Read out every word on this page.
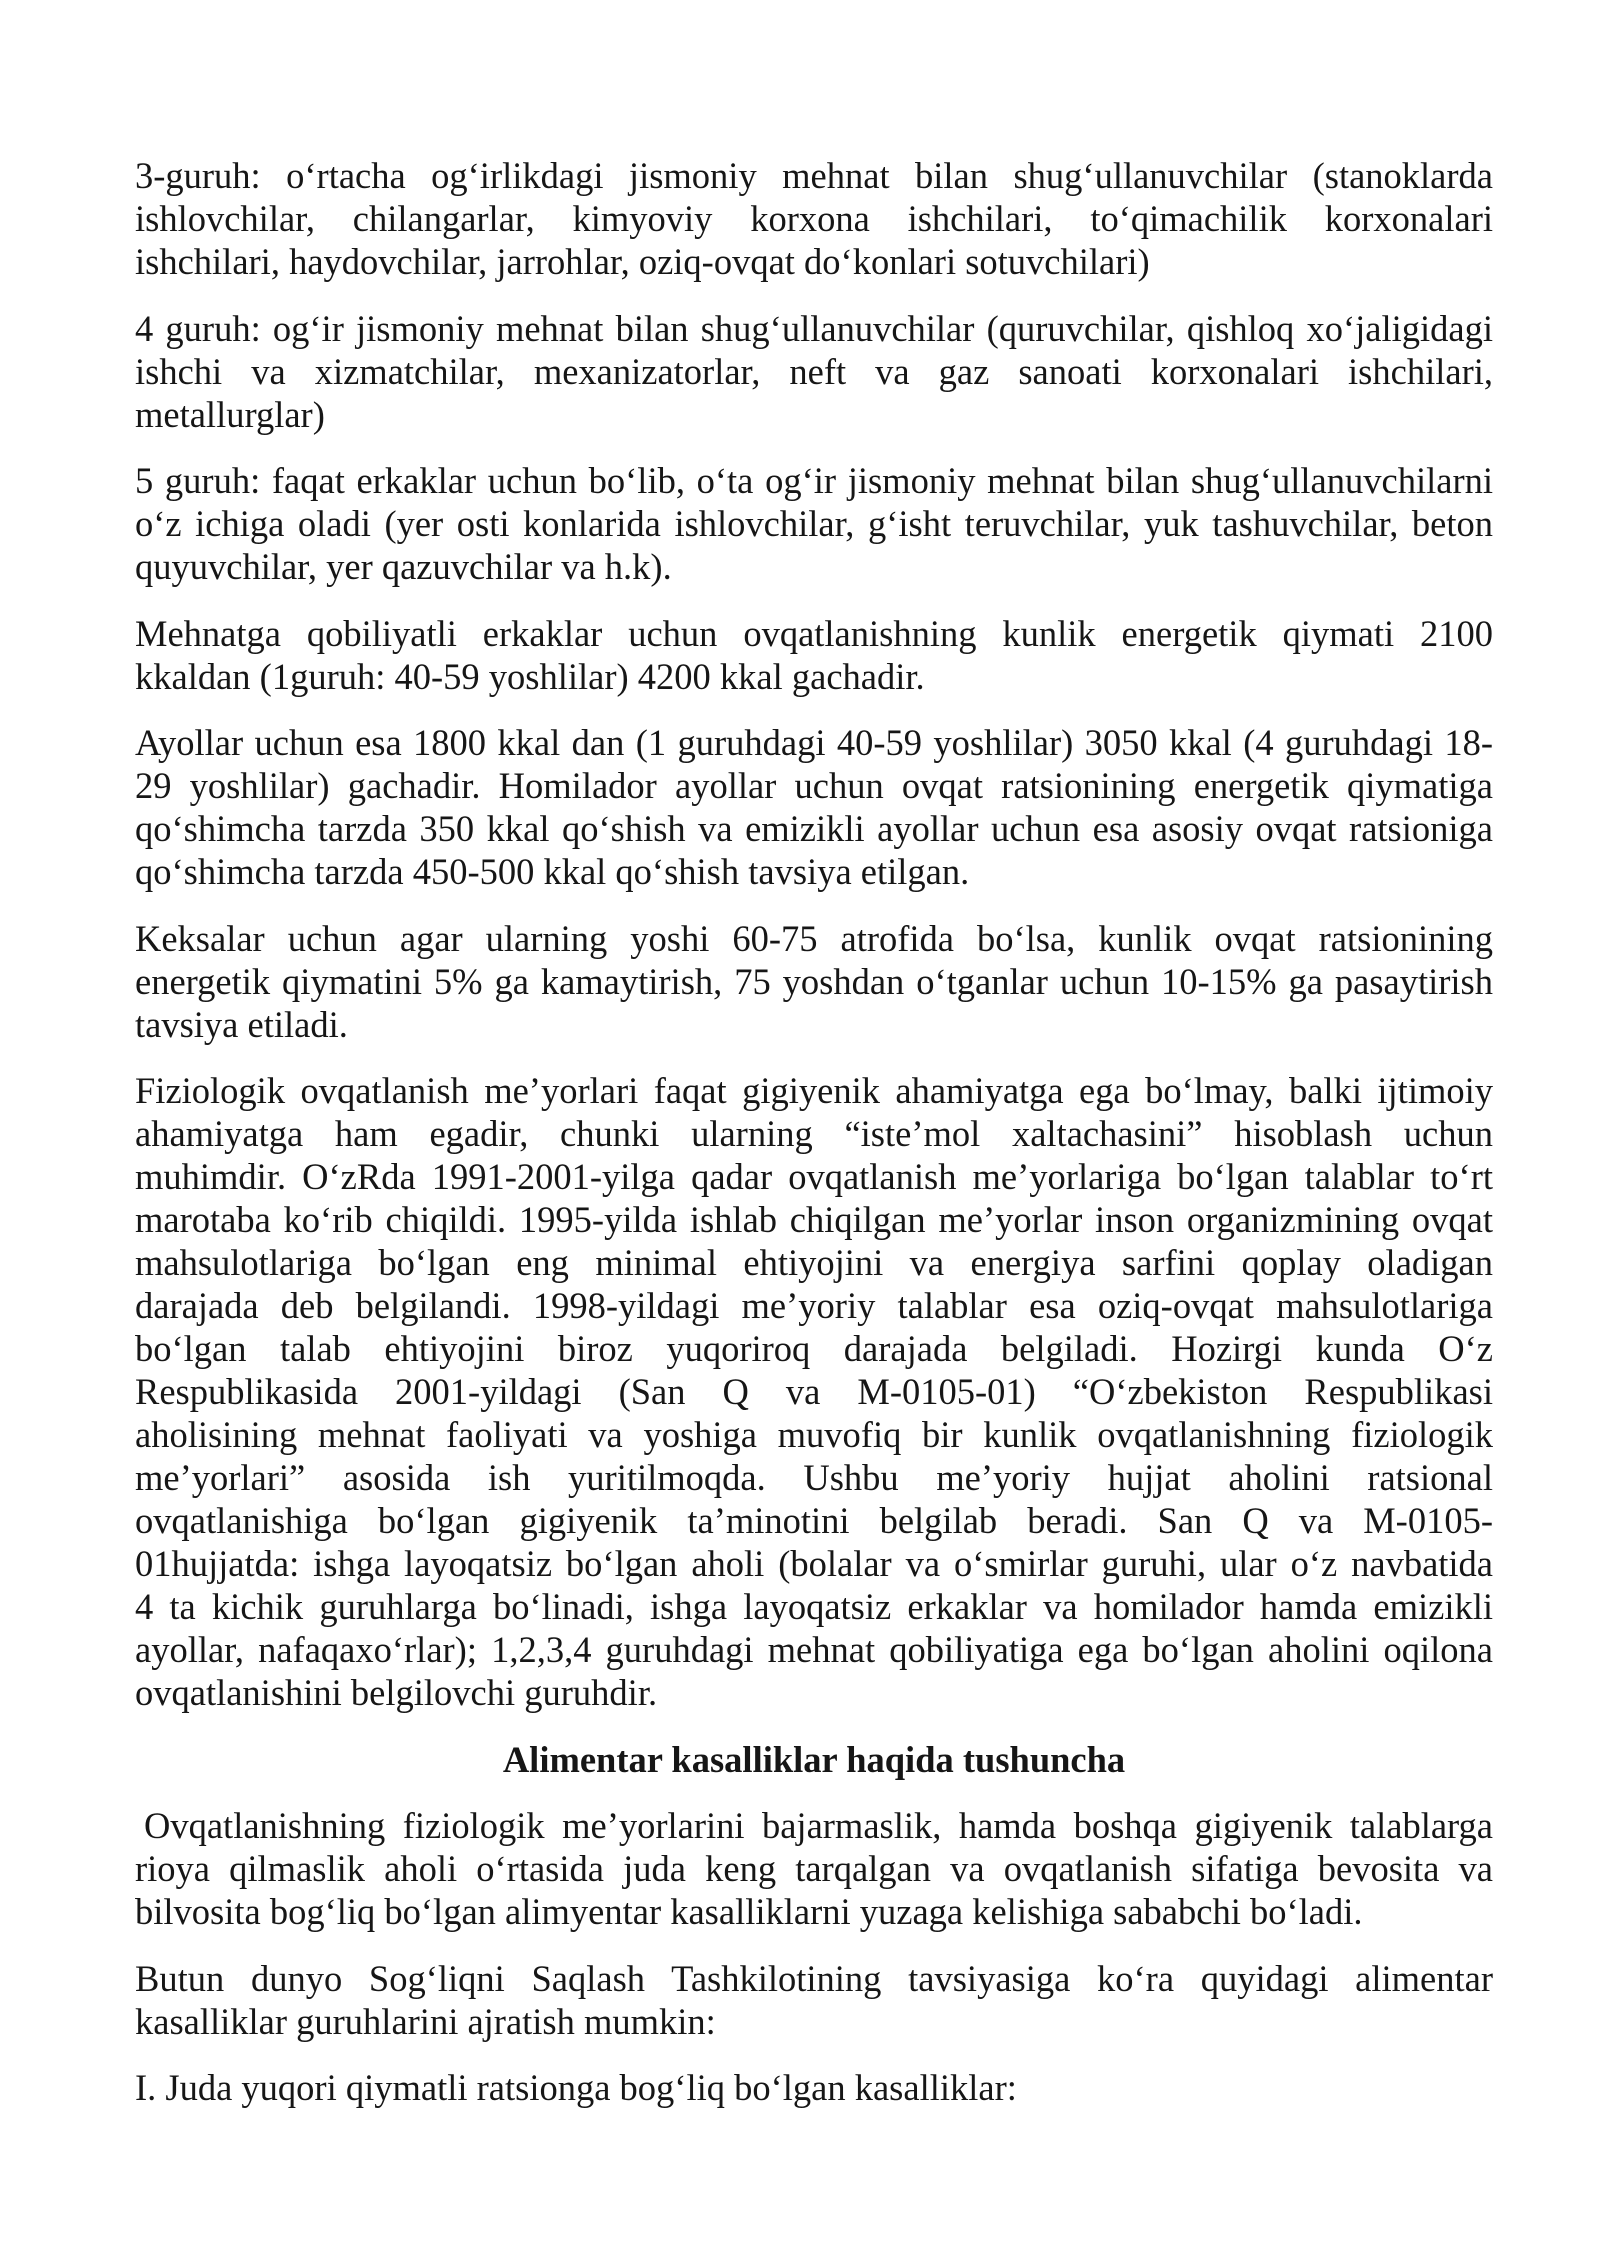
3-guruh: oʻrtacha ogʻirlikdagi jismoniy mehnat bilan shugʻullanuvchilar (stanoklarda
ishlovchilar, chilangarlar, kimyoviy korxona ishchilari, toʻqimachilik korxonalari
ishchilari, haydovchilar, jarrohlar, oziq-ovqat doʻkonlari sotuvchilari)
4 guruh: ogʻir jismoniy mehnat bilan shugʻullanuvchilar (quruvchilar, qishloq xoʻjaligidagi
ishchi va xizmatchilar, mexanizatorlar, neft va gaz sanoati korxonalari ishchilari,
metallurglar)
5 guruh: faqat erkaklar uchun boʻlib, oʻta ogʻir jismoniy mehnat bilan shugʻullanuvchilarni
oʻz ichiga oladi (yer osti konlarida ishlovchilar, gʻisht teruvchilar, yuk tashuvchilar, beton
quyuvchilar, yer qazuvchilar va h.k).
Mehnatga qobiliyatli erkaklar uchun ovqatlanishning kunlik energetik qiymati 2100
kkaldan (1guruh: 40-59 yoshlilar) 4200 kkal gachadir.
Ayollar uchun esa 1800 kkal dan (1 guruhdagi 40-59 yoshlilar) 3050 kkal (4 guruhdagi 18-
29 yoshlilar) gachadir. Homilador ayollar uchun ovqat ratsionining energetik qiymatiga
qoʻshimcha tarzda 350 kkal qoʻshish va emizikli ayollar uchun esa asosiy ovqat ratsioniga
qoʻshimcha tarzda 450-500 kkal qoʻshish tavsiya etilgan.
Keksalar uchun agar ularning yoshi 60-75 atrofida boʻlsa, kunlik ovqat ratsionining
energetik qiymatini 5% ga kamaytirish, 75 yoshdan oʻtganlar uchun 10-15% ga pasaytirish
tavsiya etiladi.
Fiziologik ovqatlanish me’yorlari faqat gigiyenik ahamiyatga ega boʻlmay, balki ijtimoiy
ahamiyatga ham egadir, chunki ularning “iste’mol xaltachasini” hisoblash uchun
muhimdir. OʻzRda 1991-2001-yilga qadar ovqatlanish me’yorlariga boʻlgan talablar toʻrt
marotaba koʻrib chiqildi. 1995-yilda ishlab chiqilgan me’yorlar inson organizmining ovqat
mahsulotlariga boʻlgan eng minimal ehtiyojini va energiya sarfini qoplay oladigan
darajada deb belgilandi. 1998-yildagi me’yoriy talablar esa oziq-ovqat mahsulotlariga
boʻlgan talab ehtiyojini biroz yuqoriroq darajada belgiladi. Hozirgi kunda Oʻz
Respublikasida 2001-yildagi (San Q va M-0105-01) “Oʻzbekiston Respublikasi
aholisining mehnat faoliyati va yoshiga muvofiq bir kunlik ovqatlanishning fiziologik
me’yorlari” asosida ish yuritilmoqda. Ushbu me’yoriy hujjat aholini ratsional
ovqatlanishiga boʻlgan gigiyenik ta’minotini belgilab beradi. San Q va M-0105-
01hujjatda: ishga layoqatsiz boʻlgan aholi (bolalar va oʻsmirlar guruhi, ular oʻz navbatida
4 ta kichik guruhlarga boʻlinadi, ishga layoqatsiz erkaklar va homilador hamda emizikli
ayollar, nafaqaxoʻrlar); 1,2,3,4 guruhdagi mehnat qobiliyatiga ega boʻlgan aholini oqilona
ovqatlanishini belgilovchi guruhdir.
Alimentar kasalliklar haqida tushuncha
Ovqatlanishning fiziologik me’yorlarini bajarmaslik, hamda boshqa gigiyenik talablarga
rioya qilmaslik aholi oʻrtasida juda keng tarqalgan va ovqatlanish sifatiga bevosita va
bilvosita bogʻliq boʻlgan alimyentar kasalliklarni yuzaga kelishiga sababchi boʻladi.
Butun dunyo Sogʻliqni Saqlash Tashkilotining tavsiyasiga koʻra quyidagi alimentar
kasalliklar guruhlarini ajratish mumkin:
I. Juda yuqori qiymatli ratsionga bogʻliq boʻlgan kasalliklar:
